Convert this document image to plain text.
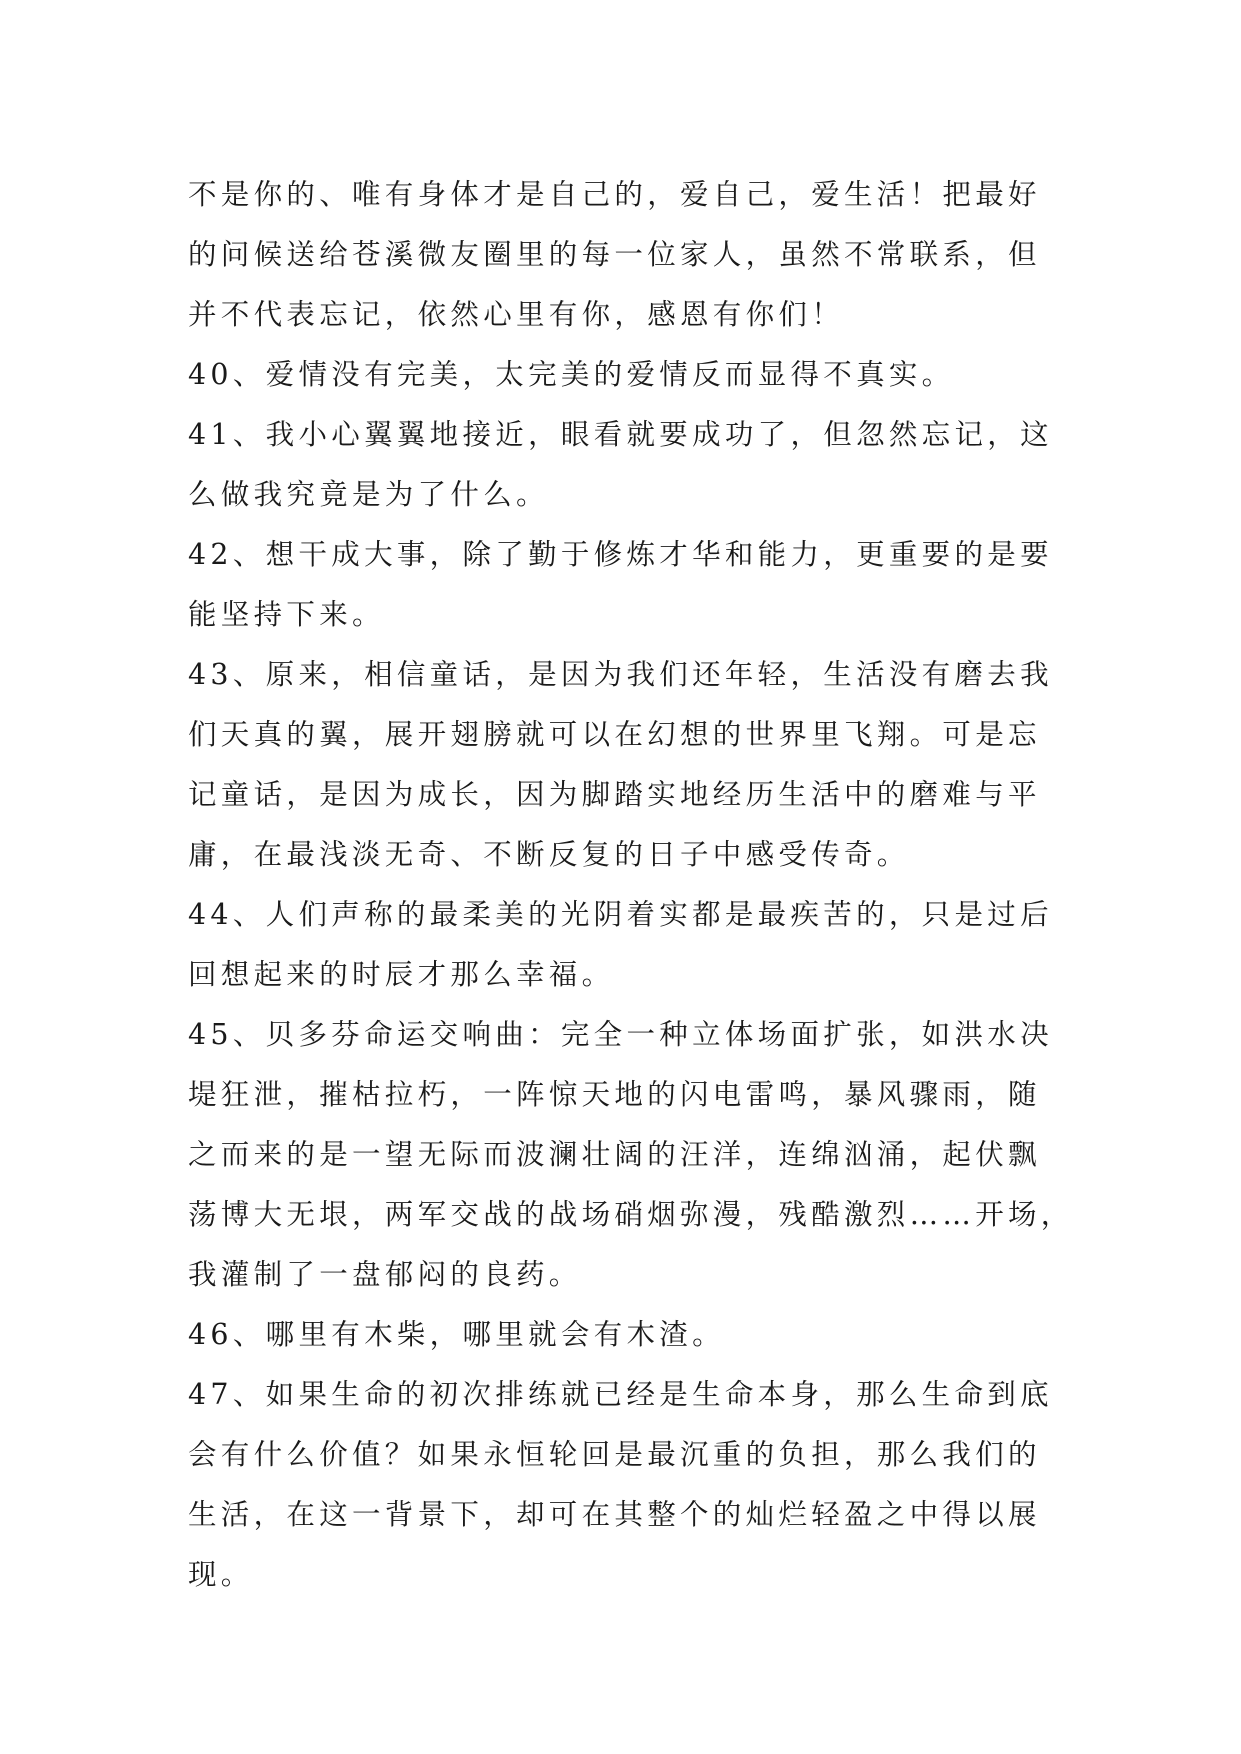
不是你的、唯有身体才是自己的，爱自己，爱生活！把最好
的问候送给苍溪微友圈里的每一位家人，虽然不常联系，但
并不代表忘记，依然心里有你，感恩有你们！
40、爱情没有完美，太完美的爱情反而显得不真实。
41、我小心翼翼地接近，眼看就要成功了，但忽然忘记，这
么做我究竟是为了什么。
42、想干成大事，除了勤于修炼才华和能力，更重要的是要
能坚持下来。
43、原来，相信童话，是因为我们还年轻，生活没有磨去我
们天真的翼，展开翅膀就可以在幻想的世界里飞翔。可是忘
记童话，是因为成长，因为脚踏实地经历生活中的磨难与平
庸，在最浅淡无奇、不断反复的日子中感受传奇。
44、人们声称的最柔美的光阴着实都是最疾苦的，只是过后
回想起来的时辰才那么幸福。
45、贝多芬命运交响曲：完全一种立体场面扩张，如洪水决
堤狂泄，摧枯拉朽，一阵惊天地的闪电雷鸣，暴风骤雨，随
之而来的是一望无际而波澜壮阔的汪洋，连绵汹涌，起伏飘
荡博大无垠，两军交战的战场硝烟弥漫，残酷激烈……开场，
我灌制了一盘郁闷的良药。
46、哪里有木柴，哪里就会有木渣。
47、如果生命的初次排练就已经是生命本身，那么生命到底
会有什么价值？如果永恒轮回是最沉重的负担，那么我们的
生活，在这一背景下，却可在其整个的灿烂轻盈之中得以展
现。
